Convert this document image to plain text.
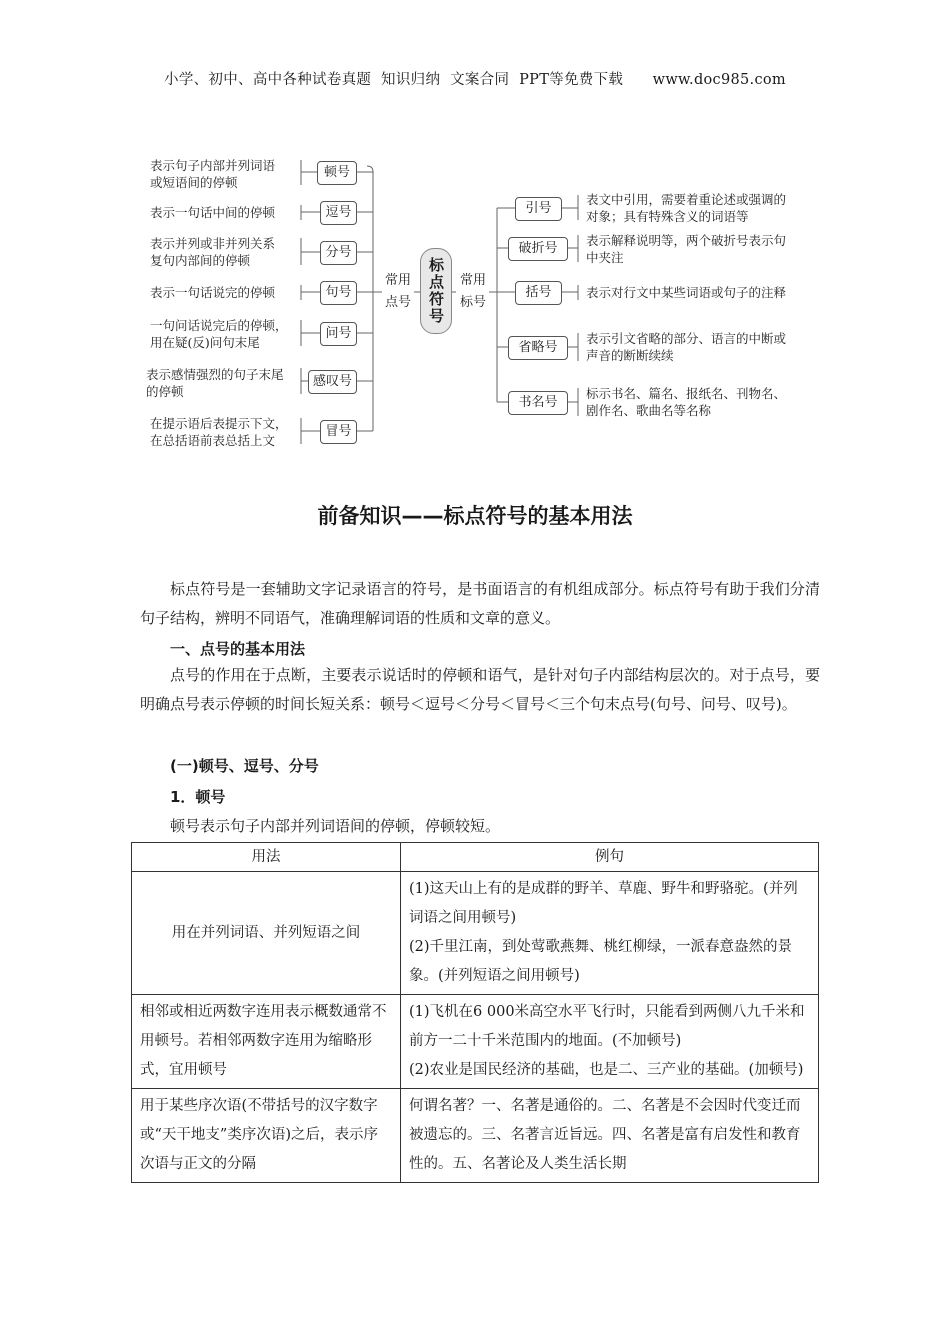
小学、初中、高中各种试卷真题  知识归纳  文案合同  PPT等免费下载      www.doc985.com
表示句子内部并列词语
或短语间的停顿
表示一句话中间的停顿
表示并列或非并列关系
复句内部间的停顿
表示一句话说完的停顿
一句问话说完后的停顿，
用在疑(反)问句末尾
表示感情强烈的句子末尾
的停顿
在提示语后表提示下文，
在总括语前表总括上文
顿号
逗号
分号
句号
问号
感叹号
冒号
常用
点号	标点符号	常用
标号
引号
破折号
括号
省略号
书名号
表文中引用，需要着重论述或强调的
对象；具有特殊含义的词语等
表示解释说明等，两个破折号表示句
中夹注
表示对行文中某些词语或句子的注释
表示引文省略的部分、语言的中断或
声音的断断续续
标示书名、篇名、报纸名、刊物名、
剧作名、歌曲名等名称
前备知识——标点符号的基本用法
标点符号是一套辅助文字记录语言的符号，是书面语言的有机组成部分。标点符号有助于我们分清句子结构，辨明不同语气，准确理解词语的性质和文章的意义。
一、点号的基本用法
点号的作用在于点断，主要表示说话时的停顿和语气，是针对句子内部结构层次的。对于点号，要明确点号表示停顿的时间长短关系：顿号＜逗号＜分号＜冒号＜三个句末点号(句号、问号、叹号)。
(一)顿号、逗号、分号
1．顿号
顿号表示句子内部并列词语间的停顿，停顿较短。
用法	例句
用在并列词语、并列短语之间	(1)这天山上有的是成群的野羊、草鹿、野牛和野骆驼。(并列词语之间用顿号)

(2)千里江南，到处莺歌燕舞、桃红柳绿，一派春意盎然的景象。(并列短语之间用顿号)

相邻或相近两数字连用表示概数通常不用顿号。若相邻两数字连用为缩略形式，宜用顿号	(1)飞机在6 000米高空水平飞行时，只能看到两侧八九千米和前方一二十千米范围内的地面。(不加顿号)

(2)农业是国民经济的基础，也是二、三产业的基础。(加顿号)

用于某些序次语(不带括号的汉字数字或“天干地支”类序次语)之后，表示序次语与正文的分隔	何谓名著？一、名著是通俗的。二、名著是不会因时代变迁而被遗忘的。三、名著言近旨远。四、名著是富有启发性和教育性的。五、名著论及人类生活长期
